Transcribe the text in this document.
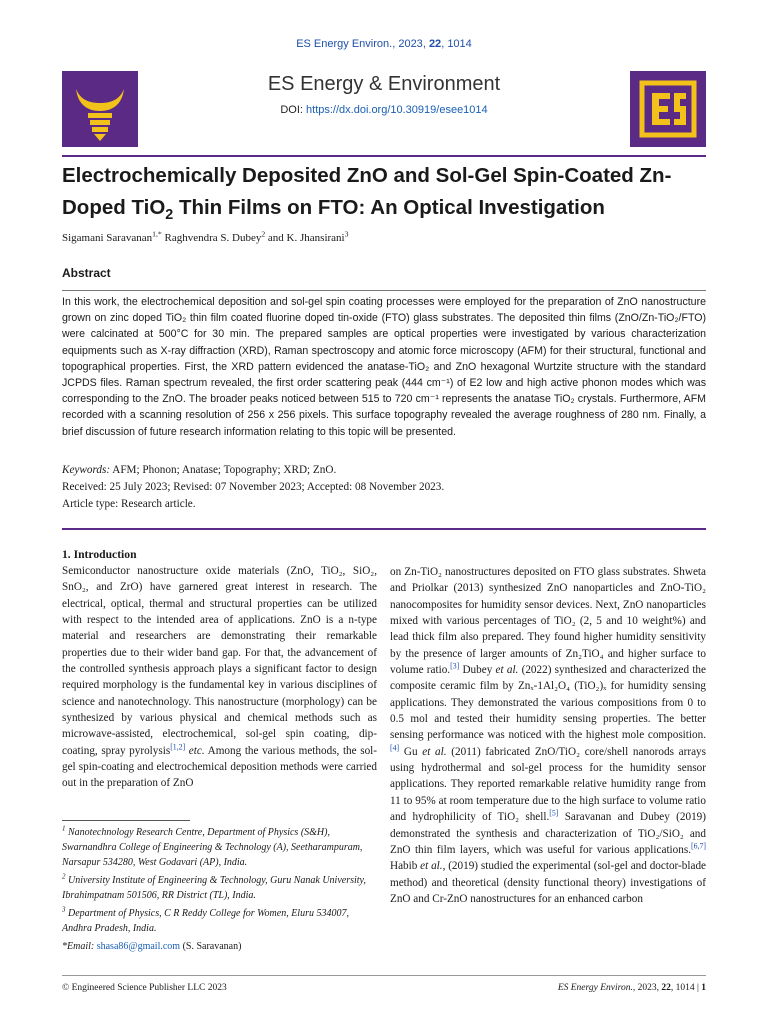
ES Energy Environ., 2023, 22, 1014
ES Energy & Environment
DOI: https://dx.doi.org/10.30919/esee1014
Electrochemically Deposited ZnO and Sol-Gel Spin-Coated Zn-Doped TiO$_2$ Thin Films on FTO: An Optical Investigation
Sigamani Saravanan$^{1,*}$ Raghvendra S. Dubey$^2$ and K. Jhansirani$^3$
Abstract
In this work, the electrochemical deposition and sol-gel spin coating processes were employed for the preparation of ZnO nanostructure grown on zinc doped TiO₂ thin film coated fluorine doped tin-oxide (FTO) glass substrates. The deposited thin films (ZnO/Zn-TiO₂/FTO) were calcinated at 500°C for 30 min. The prepared samples are optical properties were investigated by various characterization equipments such as X-ray diffraction (XRD), Raman spectroscopy and atomic force microscopy (AFM) for their structural, functional and topographical properties. First, the XRD pattern evidenced the anatase-TiO₂ and ZnO hexagonal Wurtzite structure with the standard JCPDS files. Raman spectrum revealed, the first order scattering peak (444 cm⁻¹) of E2 low and high active phonon modes which was corresponding to the ZnO. The broader peaks noticed between 515 to 720 cm⁻¹ represents the anatase TiO₂ crystals. Furthermore, AFM recorded with a scanning resolution of 256 x 256 pixels. This surface topography revealed the average roughness of 280 nm. Finally, a brief discussion of future research information relating to this topic will be presented.
Keywords: AFM; Phonon; Anatase; Topography; XRD; ZnO.
Received: 25 July 2023; Revised: 07 November 2023; Accepted: 08 November 2023.
Article type: Research article.
1. Introduction
Semiconductor nanostructure oxide materials (ZnO, TiO₂, SiO₂, SnO₂, and ZrO) have garnered great interest in research. The electrical, optical, thermal and structural properties can be utilized with respect to the intended area of applications. ZnO is a n-type material and researchers are demonstrating their remarkable properties due to their wider band gap. For that, the advancement of the controlled synthesis approach plays a significant factor to design required morphology is the fundamental key in various disciplines of science and nanotechnology. This nanostructure (morphology) can be synthesized by various physical and chemical methods such as microwave-assisted, electrochemical, sol-gel spin coating, dip-coating, spray pyrolysis[1,2] etc. Among the various methods, the sol-gel spin-coating and electrochemical deposition methods were carried out in the preparation of ZnO
on Zn-TiO₂ nanostructures deposited on FTO glass substrates. Shweta and Priolkar (2013) synthesized ZnO nanoparticles and ZnO-TiO₂ nanocomposites for humidity sensor devices. Next, ZnO nanoparticles mixed with various percentages of TiO₂ (2, 5 and 10 weight%) and lead thick film also prepared. They found higher humidity sensitivity by the presence of larger amounts of Zn₂TiO₄ and higher surface to volume ratio.[3] Dubey et al. (2022) synthesized and characterized the composite ceramic film by Znₓ-1Al₂O₄ (TiO₂)ₓ for humidity sensing applications. They demonstrated the various compositions from 0 to 0.5 mol and tested their humidity sensing properties. The better sensing performance was noticed with the highest mole composition.[4] Gu et al. (2011) fabricated ZnO/TiO₂ core/shell nanorods arrays using hydrothermal and sol-gel process for the humidity sensor applications. They reported remarkable relative humidity range from 11 to 95% at room temperature due to the high surface to volume ratio and hydrophilicity of TiO₂ shell.[5] Saravanan and Dubey (2019) demonstrated the synthesis and characterization of TiO₂/SiO₂ and ZnO thin film layers, which was useful for various applications.[6,7] Habib et al., (2019) studied the experimental (sol-gel and doctor-blade method) and theoretical (density functional theory) investigations of ZnO and Cr-ZnO nanostructures for an enhanced carbon
$^1$ Nanotechnology Research Centre, Department of Physics (S&H), Swarnandhra College of Engineering & Technology (A), Seetharampuram, Narsapur 534280, West Godavari (AP), India.
$^2$ University Institute of Engineering & Technology, Guru Nanak University, Ibrahimpatnam 501506, RR District (TL), India.
$^3$ Department of Physics, C R Reddy College for Women, Eluru 534007, Andhra Pradesh, India.
*Email: shasa86@gmail.com (S. Saravanan)
© Engineered Science Publisher LLC 2023	ES Energy Environ., 2023, 22, 1014 | 1
